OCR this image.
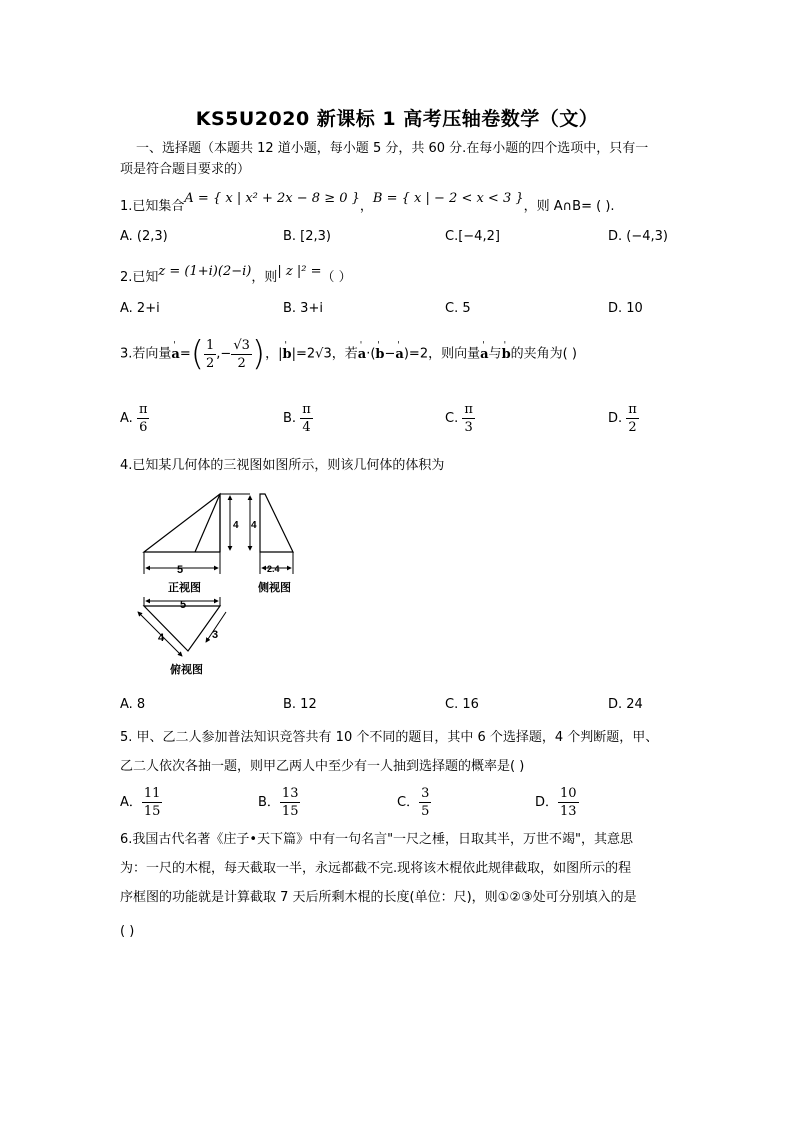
KS5U2020 新课标 1 高考压轴卷数学（文）
一、选择题（本题共 12 道小题，每小题 5 分，共 60 分.在每小题的四个选项中，只有一
项是符合题目要求的）
1.已知集合A = { x | x² + 2x − 8 ≥ 0 }，B = { x | − 2 < x < 3 }，则 A∩B= ( ).
A. (2,3)	B. [2,3)	C.[−4,2]	D. (−4,3)
2.已知z = (1+i)(2−i)，则| z |² =（ ）
A. 2+i	B. 3+i	C. 5	D. 10
3.若向量' $a=( \frac{1}{2}$ ,− $\frac{√3}{2}$ )，|' b|=2√3，若' a·(' b−' a)=2，则向量' a与' b的夹角为( )
A. $\frac{\pi}{6}$	B. $\frac{\pi}{4}$	C. $\frac{\pi}{3}$	D. $\frac{\pi}{2}$
4.已知某几何体的三视图如图所示，则该几何体的体积为
4 4
5
正视图
2.4
侧视图
5
4	3
俯视图
A. 8	B. 12	C. 16	D. 24
5. 甲、乙二人参加普法知识竞答共有 10 个不同的题目，其中 6 个选择题，4 个判断题，甲、
乙二人依次各抽一题，则甲乙两人中至少有一人抽到选择题的概率是( )
A． $\frac{11}{15}$	B． $\frac{13}{15}$	C． $\frac{3}{5}$	D． $\frac{10}{13}$
6.我国古代名著《庄子•天下篇》中有一句名言"一尺之棰，日取其半，万世不竭"，其意思
为：一尺的木棍，每天截取一半，永远都截不完.现将该木棍依此规律截取，如图所示的程
序框图的功能就是计算截取 7 天后所剩木棍的长度(单位：尺)，则①②③处可分别填入的是
( )
